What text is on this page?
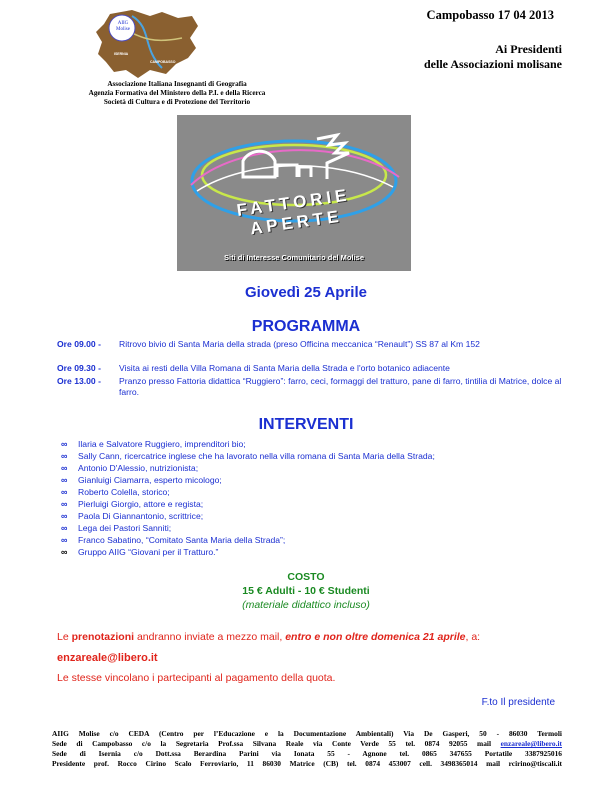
AIIG
Molise
ISERNIA
CAMPOBASSO
Associazione Italiana Insegnanti di Geografia
Agenzia Formativa del Ministero della P.I. e della Ricerca
Società di Cultura e di Protezione del Territorio
Campobasso 17 04 2013
Ai Presidenti
delle Associazioni molisane
FATTORIE APERTE
Siti di Interesse Comunitario del Molise
Giovedì 25 Aprile
PROGRAMMA
Ore 09.00 - Ritrovo bivio di Santa Maria della strada (preso Officina meccanica “Renault”) SS 87 al Km 152
Ore 09.30 - Visita ai resti della Villa Romana di Santa Maria della Strada e l'orto botanico adiacente
Ore 13.00 - Pranzo presso Fattoria didattica “Ruggiero”: farro, ceci, formaggi del tratturo, pane di farro, tintilia di Matrice, dolce al farro.
INTERVENTI
∞ Ilaria e Salvatore Ruggiero, imprenditori bio;
∞ Sally Cann, ricercatrice inglese che ha lavorato nella villa romana di Santa Maria della Strada;
∞ Antonio D'Alessio, nutrizionista;
∞ Gianluigi Ciamarra, esperto micologo;
∞ Roberto Colella, storico;
∞ Pierluigi Giorgio, attore e regista;
∞ Paola Di Giannantonio, scrittrice;
∞ Lega dei Pastori Sanniti;
∞ Franco Sabatino, “Comitato Santa Maria della Strada”;
∞ Gruppo AIIG “Giovani per il Tratturo.”
COSTO
15 € Adulti - 10 € Studenti
(materiale didattico incluso)
Le prenotazioni andranno inviate a mezzo mail, entro e non oltre domenica 21 aprile, a:
enzareale@libero.it
Le stesse vincolano i partecipanti al pagamento della quota.
F.to Il presidente
AIIG Molise c/o CEDA (Centro per l’Educazione e la Documentazione Ambientali) Via De Gasperi, 50 - 86030 Termoli
Sede di Campobasso c/o la Segretaria Prof.ssa Silvana Reale via Conte Verde 55 tel. 0874 92055 mail enzareale@libero.it
Sede di Isernia c/o Dott.ssa Berardina Parini via Ionata 55 - Agnone tel. 0865 347655 Portatile 3387925016
Presidente prof. Rocco Cirino Scalo Ferroviario, 11 86030 Matrice (CB) tel. 0874 453007 cell. 3498365014 mail rcirino@tiscali.it
